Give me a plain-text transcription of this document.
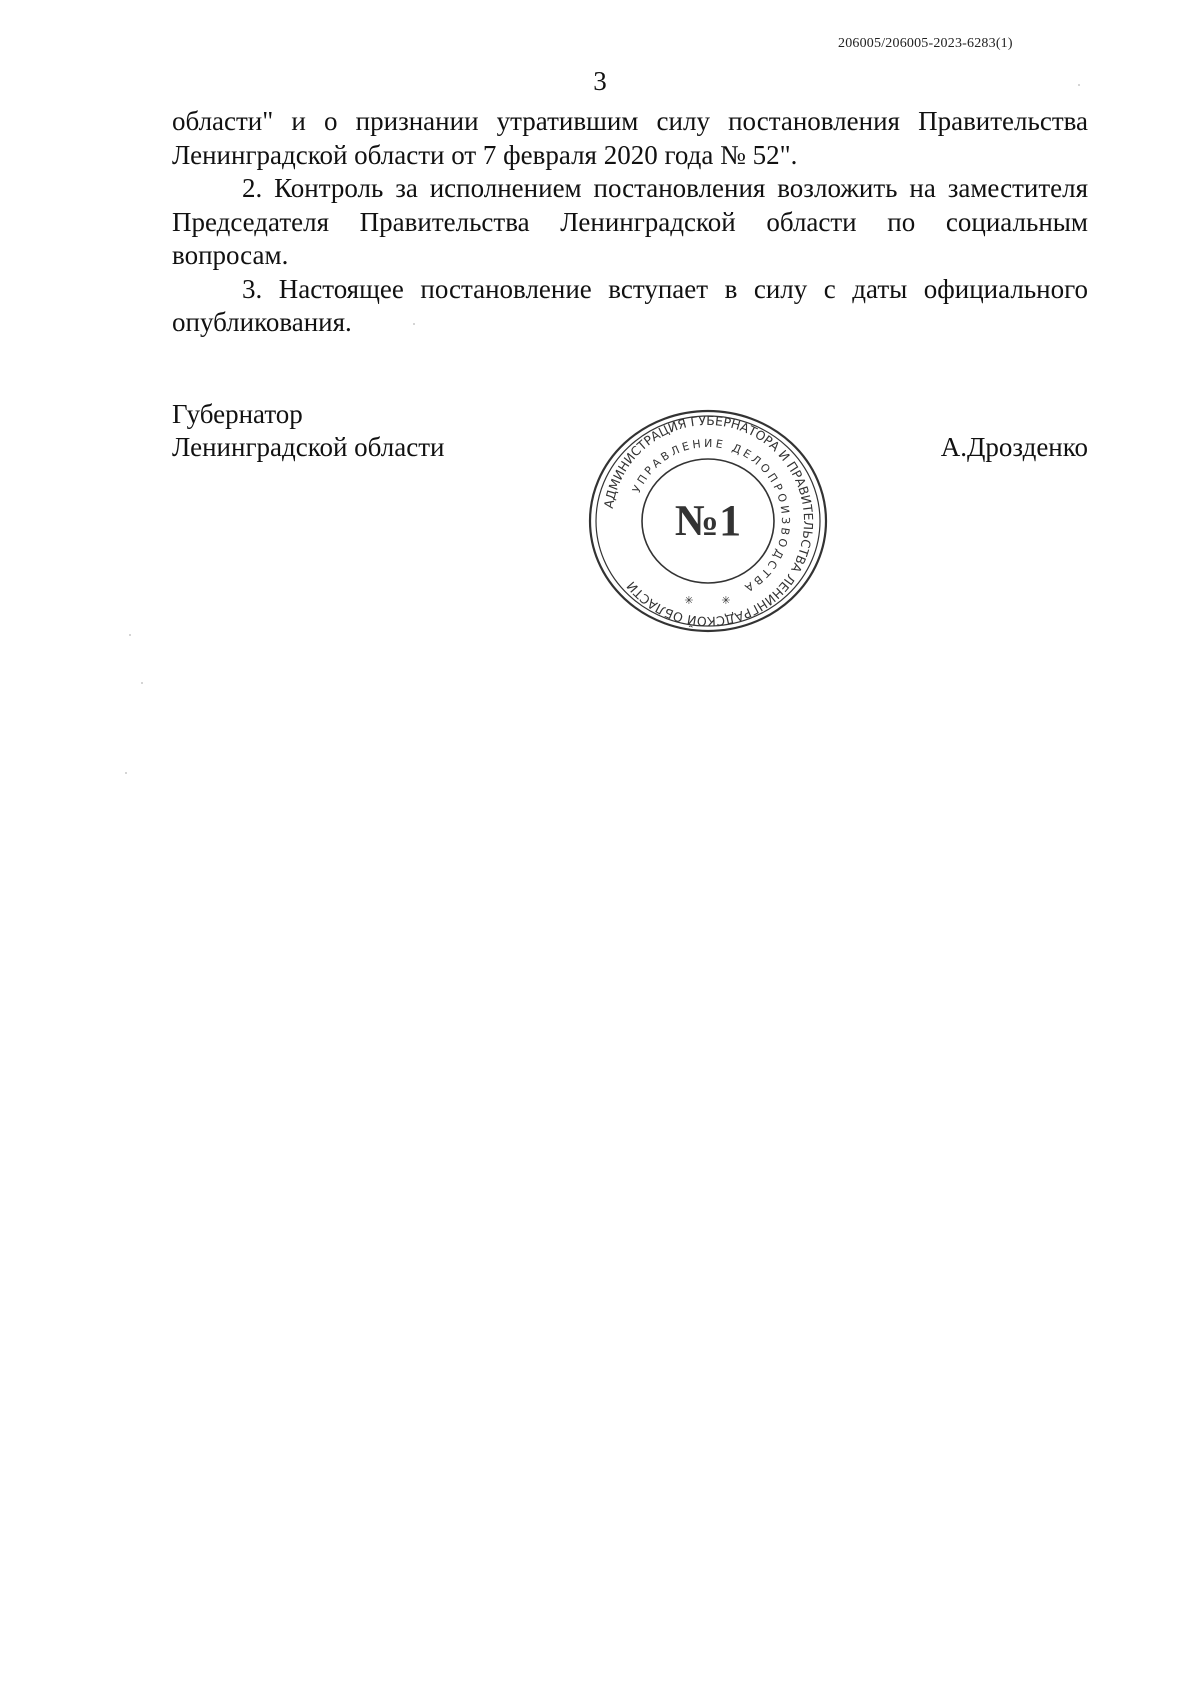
206005/206005-2023-6283(1)
3

области" и о признании утратившим силу постановления Правительства Ленинградской области от 7 февраля 2020 года № 52".

2. Контроль за исполнением постановления возложить на заместителя Председателя Правительства Ленинградской области по социальным вопросам.

3. Настоящее постановление вступает в силу с даты официального опубликования.

Губернатор
Ленинградской области	А.Дрозденко
АДМИНИСТРАЦИЯ ГУБЕРНАТОРА И ПРАВИТЕЛЬСТВА ЛЕНИНГРАДСКОЙ ОБЛАСТИ
УПРАВЛЕНИЕ ДЕЛОПРОИЗВОДСТВА
№1
✳	✳
